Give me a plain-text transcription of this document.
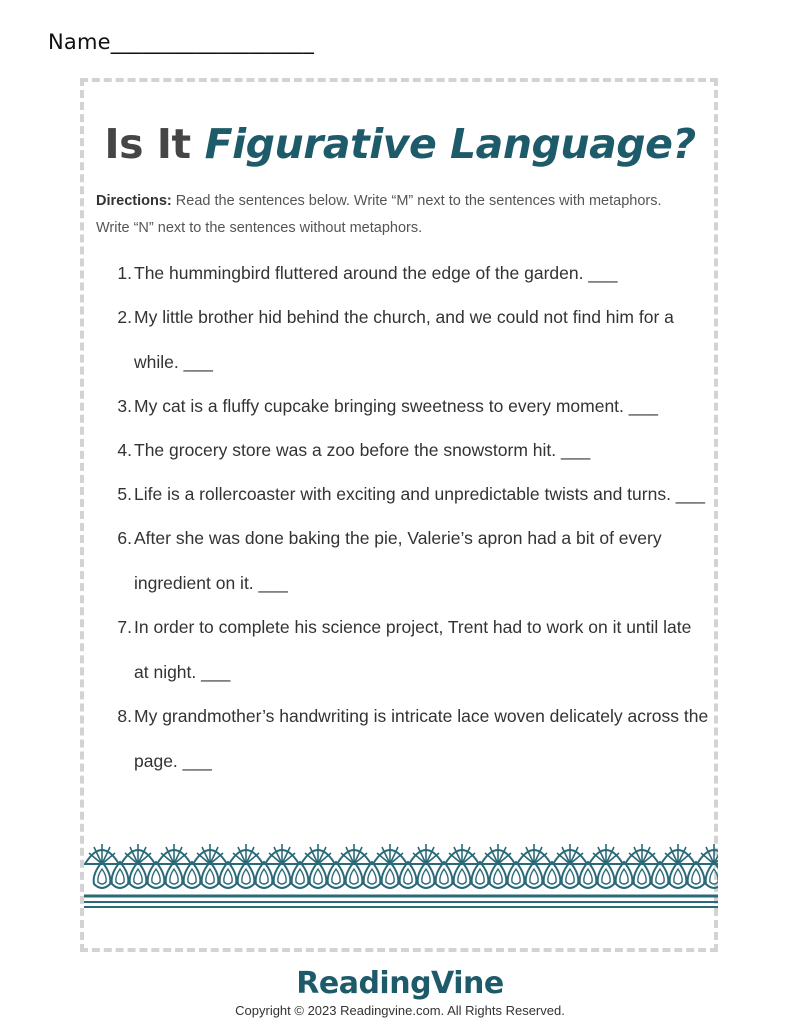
Name___________________
Is It Figurative Language?
Directions: Read the sentences below. Write “M” next to the sentences with metaphors. Write “N” next to the sentences without metaphors.
1. The hummingbird fluttered around the edge of the garden. ___
2. My little brother hid behind the church, and we could not find him for a while. ___
3. My cat is a fluffy cupcake bringing sweetness to every moment. ___
4. The grocery store was a zoo before the snowstorm hit. ___
5. Life is a rollercoaster with exciting and unpredictable twists and turns. ___
6. After she was done baking the pie, Valerie’s apron had a bit of every ingredient on it. ___
7. In order to complete his science project, Trent had to work on it until late at night. ___
8. My grandmother’s handwriting is intricate lace woven delicately across the page. ___
ReadingVine
Copyright © 2023 Readingvine.com. All Rights Reserved.
